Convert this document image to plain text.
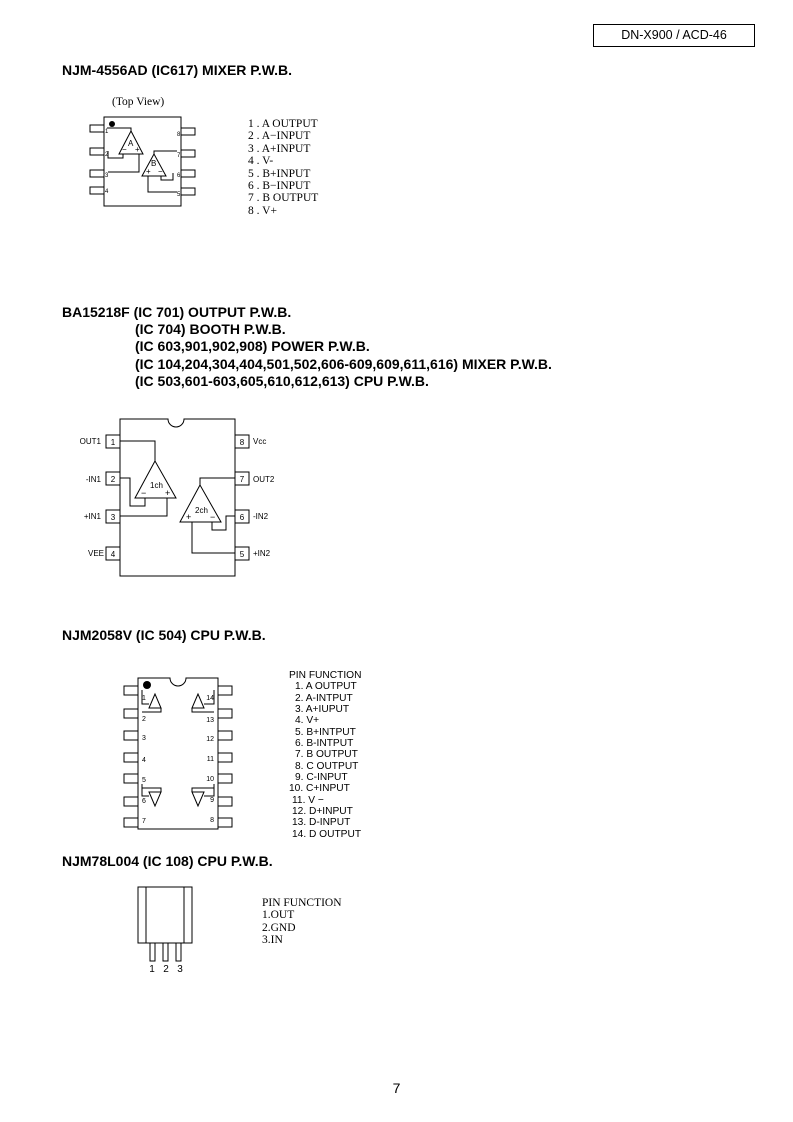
DN-X900 / ACD-46
NJM-4556AD (IC617) MIXER P.W.B.
(Top View)
A
− +
B
+ −
1
2
3
4	5
6
7
8
1 . A OUTPUT
2 . A−INPUT
3 . A+INPUT
4 . V-
5 . B+INPUT
6 . B−INPUT
7 . B OUTPUT
8 . V+
BA15218F (IC 701) OUTPUT P.W.B.
(IC 704) BOOTH P.W.B.
(IC 603,901,902,908) POWER P.W.B.
(IC 104,204,304,404,501,502,606-609,609,611,616) MIXER P.W.B.
(IC 503,601-603,605,610,612,613) CPU P.W.B.
1
2
3
4
8
7
6
5
OUT1
-IN1
+IN1
VEE
Vcc
OUT2
-IN2
+IN2
1ch
− +
2ch
+ −
NJM2058V (IC 504) CPU P.W.B.
1
2
3
4
5
6
7
14
13
12
11
10
9
8
PIN FUNCTION
1. A OUTPUT
2. A-INTPUT
3. A+IUPUT
4. V+
5. B+INTPUT
6. B-INTPUT
7. B OUTPUT
8. C OUTPUT
9. C-INPUT
10. C+INPUT
11. V −
12. D+INPUT
13. D-INPUT
14. D OUTPUT
NJM78L004 (IC 108) CPU P.W.B.
1 2 3
PIN FUNCTION
1.OUT
2.GND
3.IN
7
